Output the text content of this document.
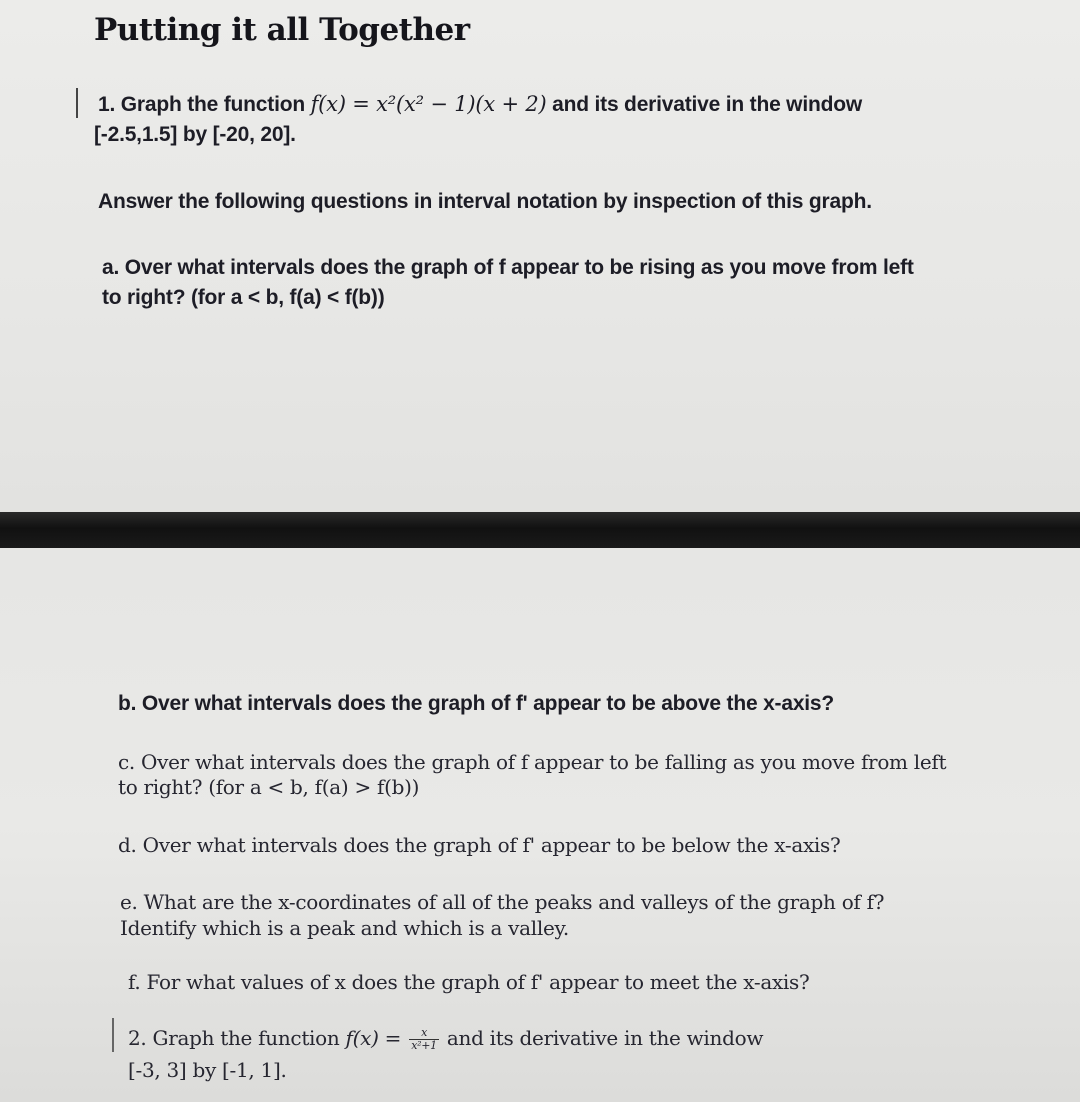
Putting it all Together

1. Graph the function f(x) = x²(x² − 1)(x + 2) and its derivative in the window

[-2.5,1.5] by [-20, 20].

Answer the following questions in interval notation by inspection of this graph.

a. Over what intervals does the graph of f appear to be rising as you move from left

to right? (for a < b, f(a) < f(b))

b. Over what intervals does the graph of f' appear to be above the x-axis?

c. Over what intervals does the graph of f appear to be falling as you move from left

to right? (for a < b, f(a) > f(b))

d. Over what intervals does the graph of f' appear to be below the x-axis?

e. What are the x-coordinates of all of the peaks and valleys of the graph of f?

Identify which is a peak and which is a valley.

f. For what values of x does the graph of f' appear to meet the x-axis?

2. Graph the function $f(x) = \frac{x}{\text{x²+1}}$ and its derivative in the window

[-3, 3] by [-1, 1].
